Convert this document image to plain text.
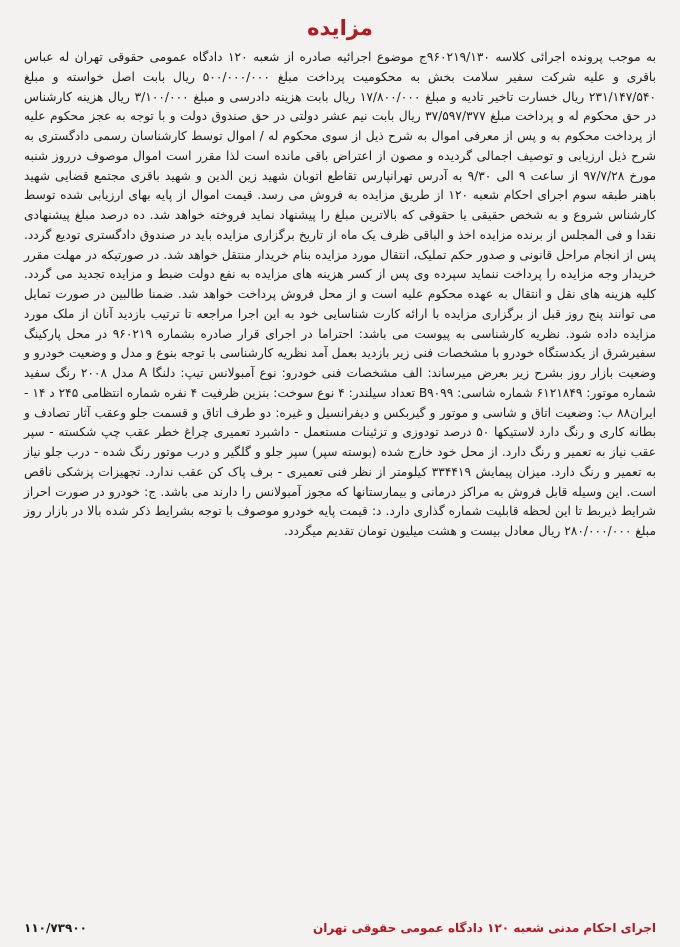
مزایده

به موجب پرونده اجرائی کلاسه ۹۶۰۲۱۹/۱۳۰ج موضوع اجرائیه صادره از شعبه ۱۲۰ دادگاه عمومی حقوقی تهران له عباس باقری و علیه شرکت سفیر سلامت بخش به محکومیت پرداخت مبلغ ۵۰۰/۰۰۰/۰۰۰ ریال بابت اصل خواسته و مبلغ ۲۳۱/۱۴۷/۵۴۰ ریال خسارت تاخیر تادیه و مبلغ ۱۷/۸۰۰/۰۰۰ ریال بابت هزینه دادرسی و مبلغ ۳/۱۰۰/۰۰۰ ریال هزینه کارشناس در حق محکوم له و پرداخت مبلغ ۳۷/۵۹۷/۳۷۷ ریال بابت نیم عشر دولتی در حق صندوق دولت و با توجه به عجز محکوم علیه از پرداخت محکوم به و پس از معرفی اموال به شرح ذیل از سوی محکوم له / اموال توسط کارشناسان رسمی دادگستری به شرح ذیل ارزیابی و توصیف اجمالی گردیده و مصون از اعتراض باقی مانده است لذا مقرر است اموال موصوف درروز شنبه مورخ ۹۷/۷/۲۸ از ساعت ۹ الی ۹/۳۰ به آدرس تهرانپارس تقاطع اتوبان شهید زین الدین و شهید باقری مجتمع قضایی شهید باهنر طبقه سوم اجرای احکام شعبه ۱۲۰ از طریق مزایده به فروش می رسد. قیمت اموال از پایه بهای ارزیابی شده توسط کارشناس شروع و به شخص حقیقی یا حقوقی که بالاترین مبلغ را پیشنهاد نماید فروخته خواهد شد. ده درصد مبلغ پیشنهادی نقدا و فی المجلس از برنده مزایده اخذ و الباقی ظرف یک ماه از تاریخ برگزاری مزایده باید در صندوق دادگستری تودیع گردد. پس از انجام مراحل قانونی و صدور حکم تملیک، انتقال مورد مزایده بنام خریدار منتقل خواهد شد. در صورتیکه در مهلت مقرر خریدار وجه مزایده را پرداخت ننماید سپرده وی پس از کسر هزینه های مزایده به نفع دولت ضبط و مزایده تجدید می گردد. کلیه هزینه های نقل و انتقال به عهده محکوم علیه است و از محل فروش پرداخت خواهد شد. ضمنا طالبین در صورت تمایل می توانند پنج روز قبل از برگزاری مزایده با ارائه کارت شناسایی خود به این اجرا مراجعه تا ترتیب بازدید آنان از ملک مورد مزایده داده شود. نظریه کارشناسی به پیوست می باشد: احتراما در اجرای قرار صادره بشماره ۹۶۰۲۱۹ در محل پارکینگ سفیرشرق از یکدستگاه خودرو با مشخصات فنی زیر بازدید بعمل آمد نظریه کارشناسی با توجه بنوع و مدل و وضعیت خودرو و وضعیت بازار روز بشرح زیر بعرض میرساند: الف مشخصات فنی خودرو: نوع آمبولانس تیپ: دلنگا A مدل ۲۰۰۸ رنگ سفید شماره موتور: ۶۱۲۱۸۴۹ شماره شاسی: B۹۰۹۹ تعداد سیلندر: ۴ نوع سوخت: بنزین ظرفیت ۴ نفره شماره انتظامی ۲۴۵ د ۱۴ - ایران۸۸ ب: وضعیت اتاق و شاسی و موتور و گیربکس و دیفرانسیل و غیره: دو طرف اتاق و قسمت جلو وعقب آثار تصادف و بطانه کاری و رنگ دارد لاستیکها ۵۰ درصد تودوزی و تزئینات مستعمل - داشبرد تعمیری چراغ خطر عقب چپ شکسته - سپر عقب نیاز به تعمیر و رنگ دارد. از محل خود خارج شده (بوسته سپر) سپر جلو و گلگیر و درب موتور رنگ شده - درب جلو نیاز به تعمیر و رنگ دارد. میزان پیمایش ۳۳۴۴۱۹ کیلومتر از نظر فنی تعمیری - برف پاک کن عقب ندارد. تجهیزات پزشکی ناقص است. این وسیله قابل فروش به مراکز درمانی و بیمارستانها که مجوز آمبولانس را دارند می باشد. ج: خودرو در صورت احراز شرایط ذیربط تا این لحظه قابلیت شماره گذاری دارد. د: قیمت پایه خودرو موصوف با توجه بشرایط ذکر شده بالا در بازار روز مبلغ ۲۸۰/۰۰۰/۰۰۰ ریال معادل بیست و هشت میلیون تومان تقدیم میگردد.

۱۱۰/۷۳۹۰۰	اجرای احکام مدنی شعبه ۱۲۰ دادگاه عمومی حقوقی تهران
